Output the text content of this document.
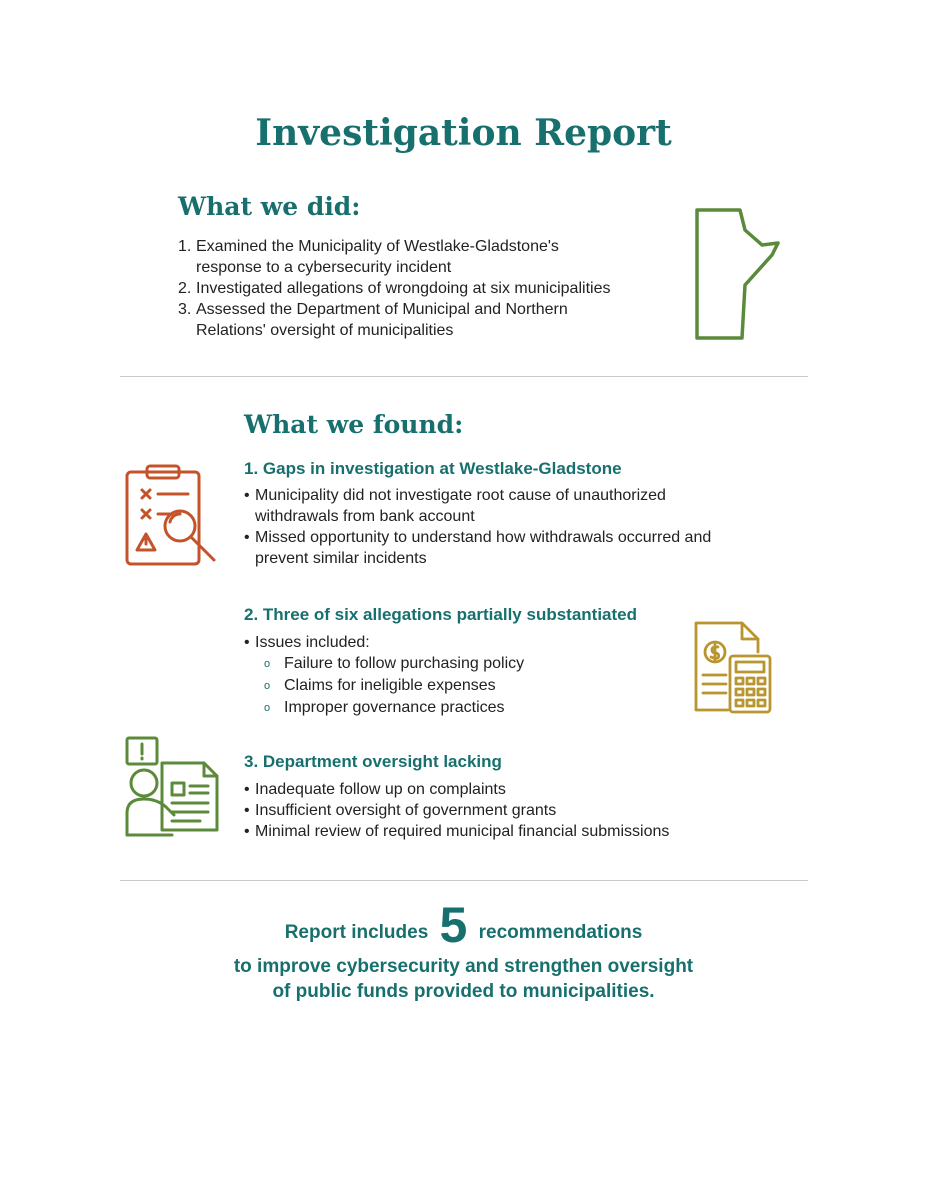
Investigation Report
What we did:
1. Examined the Municipality of Westlake-Gladstone's response to a cybersecurity incident
2. Investigated allegations of wrongdoing at six municipalities
3. Assessed the Department of Municipal and Northern Relations' oversight of municipalities
What we found:
1. Gaps in investigation at Westlake-Gladstone
• Municipality did not investigate root cause of unauthorized withdrawals from bank account
• Missed opportunity to understand how withdrawals occurred and prevent similar incidents
2. Three of six allegations partially substantiated
• Issues included:
o Failure to follow purchasing policy
o Claims for ineligible expenses
o Improper governance practices
3. Department oversight lacking
• Inadequate follow up on complaints
• Insufficient oversight of government grants
• Minimal review of required municipal financial submissions
Report includes 5 recommendations
to improve cybersecurity and strengthen oversight
of public funds provided to municipalities.
